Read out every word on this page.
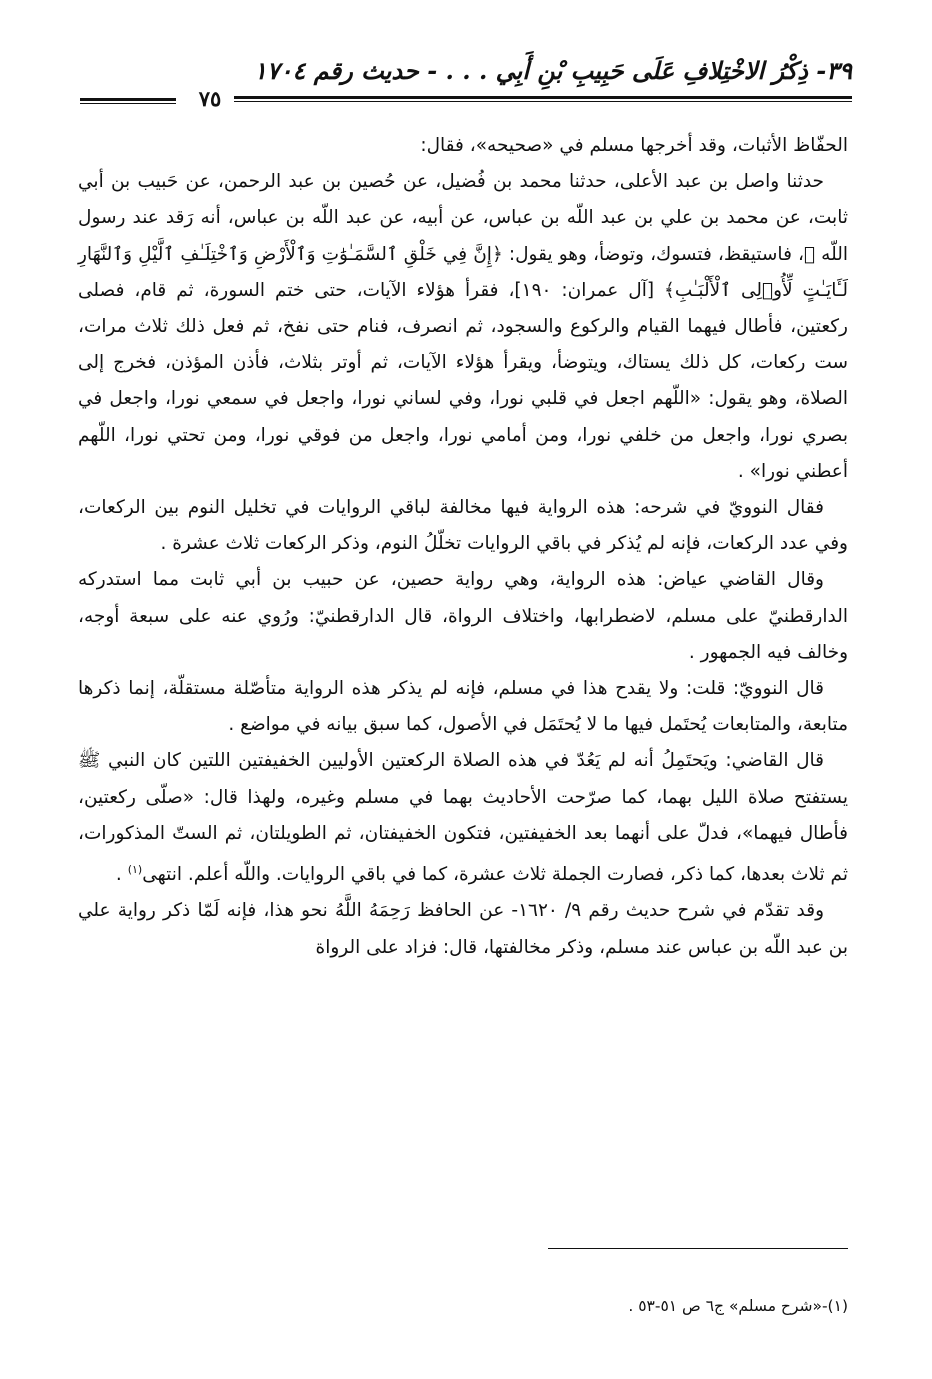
٣٩- ذِكْرُ الاخْتِلافِ عَلَى حَبِيبِ بْنِ أَبِي . . . - حديث رقم ١٧٠٤
٧٥

الحفّاظ الأثبات، وقد أخرجها مسلم في «صحيحه»، فقال:

حدثنا واصل بن عبد الأعلى، حدثنا محمد بن فُضيل، عن حُصين بن عبد الرحمن، عن حَبيب بن أبي ثابت، عن محمد بن علي بن عبد اللّه بن عباس، عن أبيه، عن عبد اللّه بن عباس، أنه رَقد عند رسول اللّه ﷺ، فاستيقظ، فتسوك، وتوضأ، وهو يقول: ﴿إِنَّ فِي خَلْقِ ٱلسَّمَـٰوَٰتِ وَٱلْأَرْضِ وَٱخْتِلَـٰفِ ٱلَّيْلِ وَٱلنَّهَارِ لَـَٔايَـٰتٍ لِّأُو۟لِى ٱلْأَلْبَـٰبِ﴾ [آل عمران: ١٩٠]، فقرأ هؤلاء الآيات، حتى ختم السورة، ثم قام، فصلى ركعتين، فأطال فيهما القيام والركوع والسجود، ثم انصرف، فنام حتى نفخ، ثم فعل ذلك ثلاث مرات، ست ركعات، كل ذلك يستاك، ويتوضأ، ويقرأ هؤلاء الآيات، ثم أوتر بثلاث، فأذن المؤذن، فخرج إلى الصلاة، وهو يقول: «اللّهم اجعل في قلبي نورا، وفي لساني نورا، واجعل في سمعي نورا، واجعل في بصري نورا، واجعل من خلفي نورا، ومن أمامي نورا، واجعل من فوقي نورا، ومن تحتي نورا، اللّهم أعطني نورا» .

فقال النوويّ في شرحه: هذه الرواية فيها مخالفة لباقي الروايات في تخليل النوم بين الركعات، وفي عدد الركعات، فإنه لم يُذكر في باقي الروايات تخلّلُ النوم، وذكر الركعات ثلاث عشرة .

وقال القاضي عياض: هذه الرواية، وهي رواية حصين، عن حبيب بن أبي ثابت مما استدركه الدارقطنيّ على مسلم، لاضطرابها، واختلاف الرواة، قال الدارقطنيّ: ورُوي عنه على سبعة أوجه، وخالف فيه الجمهور .

قال النوويّ: قلت: ولا يقدح هذا في مسلم، فإنه لم يذكر هذه الرواية متأصّلة مستقلّة، إنما ذكرها متابعة، والمتابعات يُحتَمل فيها ما لا يُحتَمَل في الأصول، كما سبق بيانه في مواضع .

قال القاضي: ويَحتَمِلُ أنه لم يَعُدّ في هذه الصلاة الركعتين الأوليين الخفيفتين اللتين كان النبي ﷺ يستفتح صلاة الليل بهما، كما صرّحت الأحاديث بهما في مسلم وغيره، ولهذا قال: «صلّى ركعتين، فأطال فيهما»، فدلّ على أنهما بعد الخفيفتين، فتكون الخفيفتان، ثم الطويلتان، ثم الستّ المذكورات، ثم ثلاث بعدها، كما ذكر، فصارت الجملة ثلاث عشرة، كما في باقي الروايات. واللّه أعلم. انتهى$^{(١)}$ .

وقد تقدّم في شرح حديث رقم ٩/ ١٦٢٠- عن الحافظ رَحِمَهُ اللَّهُ نحو هذا، فإنه لَمّا ذكر رواية علي بن عبد اللّه بن عباس عند مسلم، وذكر مخالفتها، قال: فزاد على الرواة

(١)-«شرح مسلم» ج٦ ص ٥١-٥٣ .
